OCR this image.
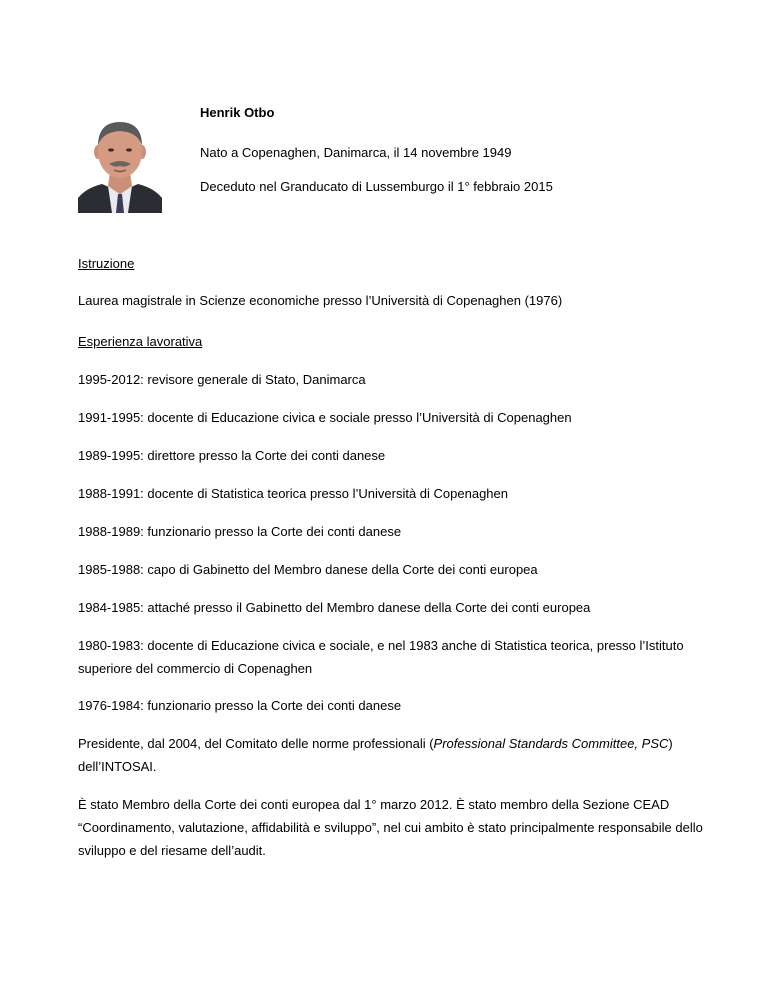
Henrik Otbo
Nato a Copenaghen, Danimarca, il 14 novembre 1949
Deceduto nel Granducato di Lussemburgo il 1° febbraio 2015
Istruzione
Laurea magistrale in Scienze economiche presso l’Università di Copenaghen (1976)
Esperienza lavorativa
1995-2012: revisore generale di Stato, Danimarca
1991-1995: docente di Educazione civica e sociale presso l’Università di Copenaghen
1989-1995: direttore presso la Corte dei conti danese
1988-1991: docente di Statistica teorica presso l’Università di Copenaghen
1988-1989: funzionario presso la Corte dei conti danese
1985-1988: capo di Gabinetto del Membro danese della Corte dei conti europea
1984-1985: attaché presso il Gabinetto del Membro danese della Corte dei conti europea
1980-1983: docente di Educazione civica e sociale, e nel 1983 anche di Statistica teorica, presso l’Istituto superiore del commercio di Copenaghen
1976-1984: funzionario presso la Corte dei conti danese
Presidente, dal 2004, del Comitato delle norme professionali (Professional Standards Committee, PSC) dell’INTOSAI.
È stato Membro della Corte dei conti europea dal 1° marzo 2012. È stato membro della Sezione CEAD “Coordinamento, valutazione, affidabilità e sviluppo”, nel cui ambito è stato principalmente responsabile dello sviluppo e del riesame dell’audit.
